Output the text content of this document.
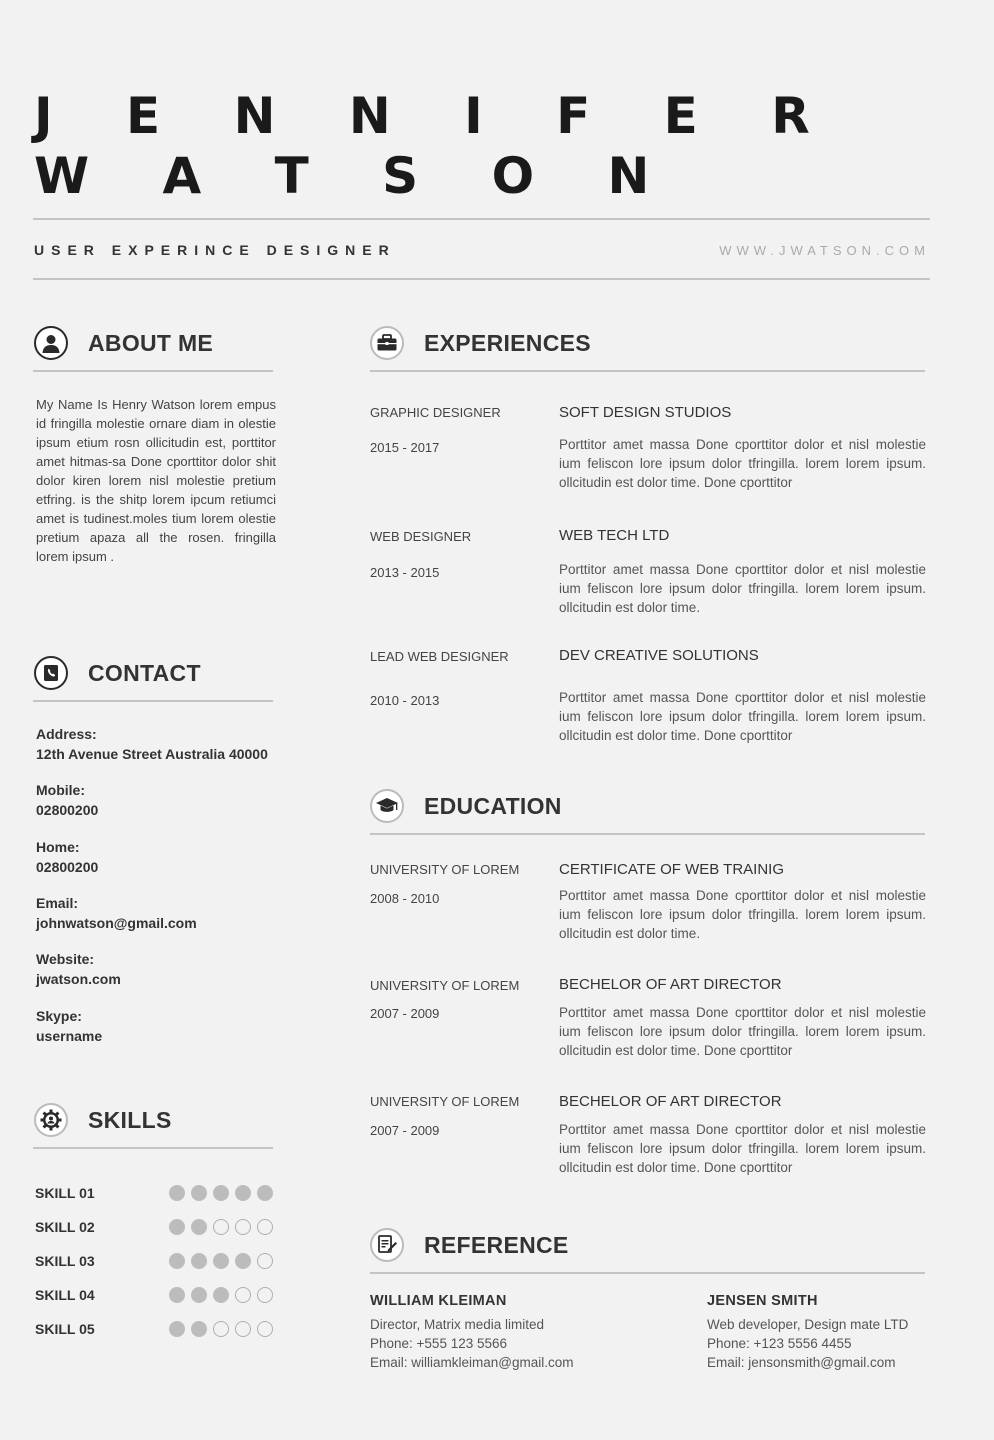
J E N N I F E R
W A T S O N
USER EXPERINCE DESIGNER	WWW.JWATSON.COM
ABOUT ME
My Name Is Henry Watson lorem empus id fringilla molestie ornare diam in olestie ipsum etium rosn ollicitudin est, porttitor amet hitmas-sa Done cporttitor dolor shit dolor kiren lorem nisl molestie pretium etfring. is the shitp lorem ipcum retiumci amet is tudinest.moles tium lorem olestie pretium apaza all the rosen. fringilla lorem ipsum .
CONTACT
Address:
12th Avenue Street Australia 40000
Mobile:
02800200
Home:
02800200
Email:
johnwatson@gmail.com
Website:
jwatson.com
Skype:
username
SKILLS
SKILL 01
SKILL 02
SKILL 03
SKILL 04
SKILL 05
EXPERIENCES
GRAPHIC DESIGNER
2015 - 2017
SOFT DESIGN STUDIOS
Porttitor amet massa Done cporttitor dolor et nisl molestie ium feliscon lore ipsum dolor tfringilla. lorem lorem ipsum. ollcitudin est dolor time. Done cporttitor
WEB DESIGNER
2013 - 2015
WEB TECH LTD
Porttitor amet massa Done cporttitor dolor et nisl molestie ium feliscon lore ipsum dolor tfringilla. lorem lorem ipsum. ollcitudin est dolor time.
LEAD WEB DESIGNER
2010 - 2013
DEV CREATIVE SOLUTIONS
Porttitor amet massa Done cporttitor dolor et nisl molestie ium feliscon lore ipsum dolor tfringilla. lorem lorem ipsum. ollcitudin est dolor time. Done cporttitor
EDUCATION
UNIVERSITY OF LOREM
2008 - 2010
CERTIFICATE OF WEB TRAINIG
Porttitor amet massa Done cporttitor dolor et nisl molestie ium feliscon lore ipsum dolor tfringilla. lorem lorem ipsum. ollcitudin est dolor time.
UNIVERSITY OF LOREM
2007 - 2009
BECHELOR OF ART DIRECTOR
Porttitor amet massa Done cporttitor dolor et nisl molestie ium feliscon lore ipsum dolor tfringilla. lorem lorem ipsum. ollcitudin est dolor time. Done cporttitor
UNIVERSITY OF LOREM
2007 - 2009
BECHELOR OF ART DIRECTOR
Porttitor amet massa Done cporttitor dolor et nisl molestie ium feliscon lore ipsum dolor tfringilla. lorem lorem ipsum. ollcitudin est dolor time. Done cporttitor
REFERENCE
WILLIAM KLEIMAN
Director, Matrix media limited
Phone: +555 123 5566
Email: williamkleiman@gmail.com
JENSEN SMITH
Web developer, Design mate LTD
Phone: +123 5556 4455
Email: jensonsmith@gmail.com
